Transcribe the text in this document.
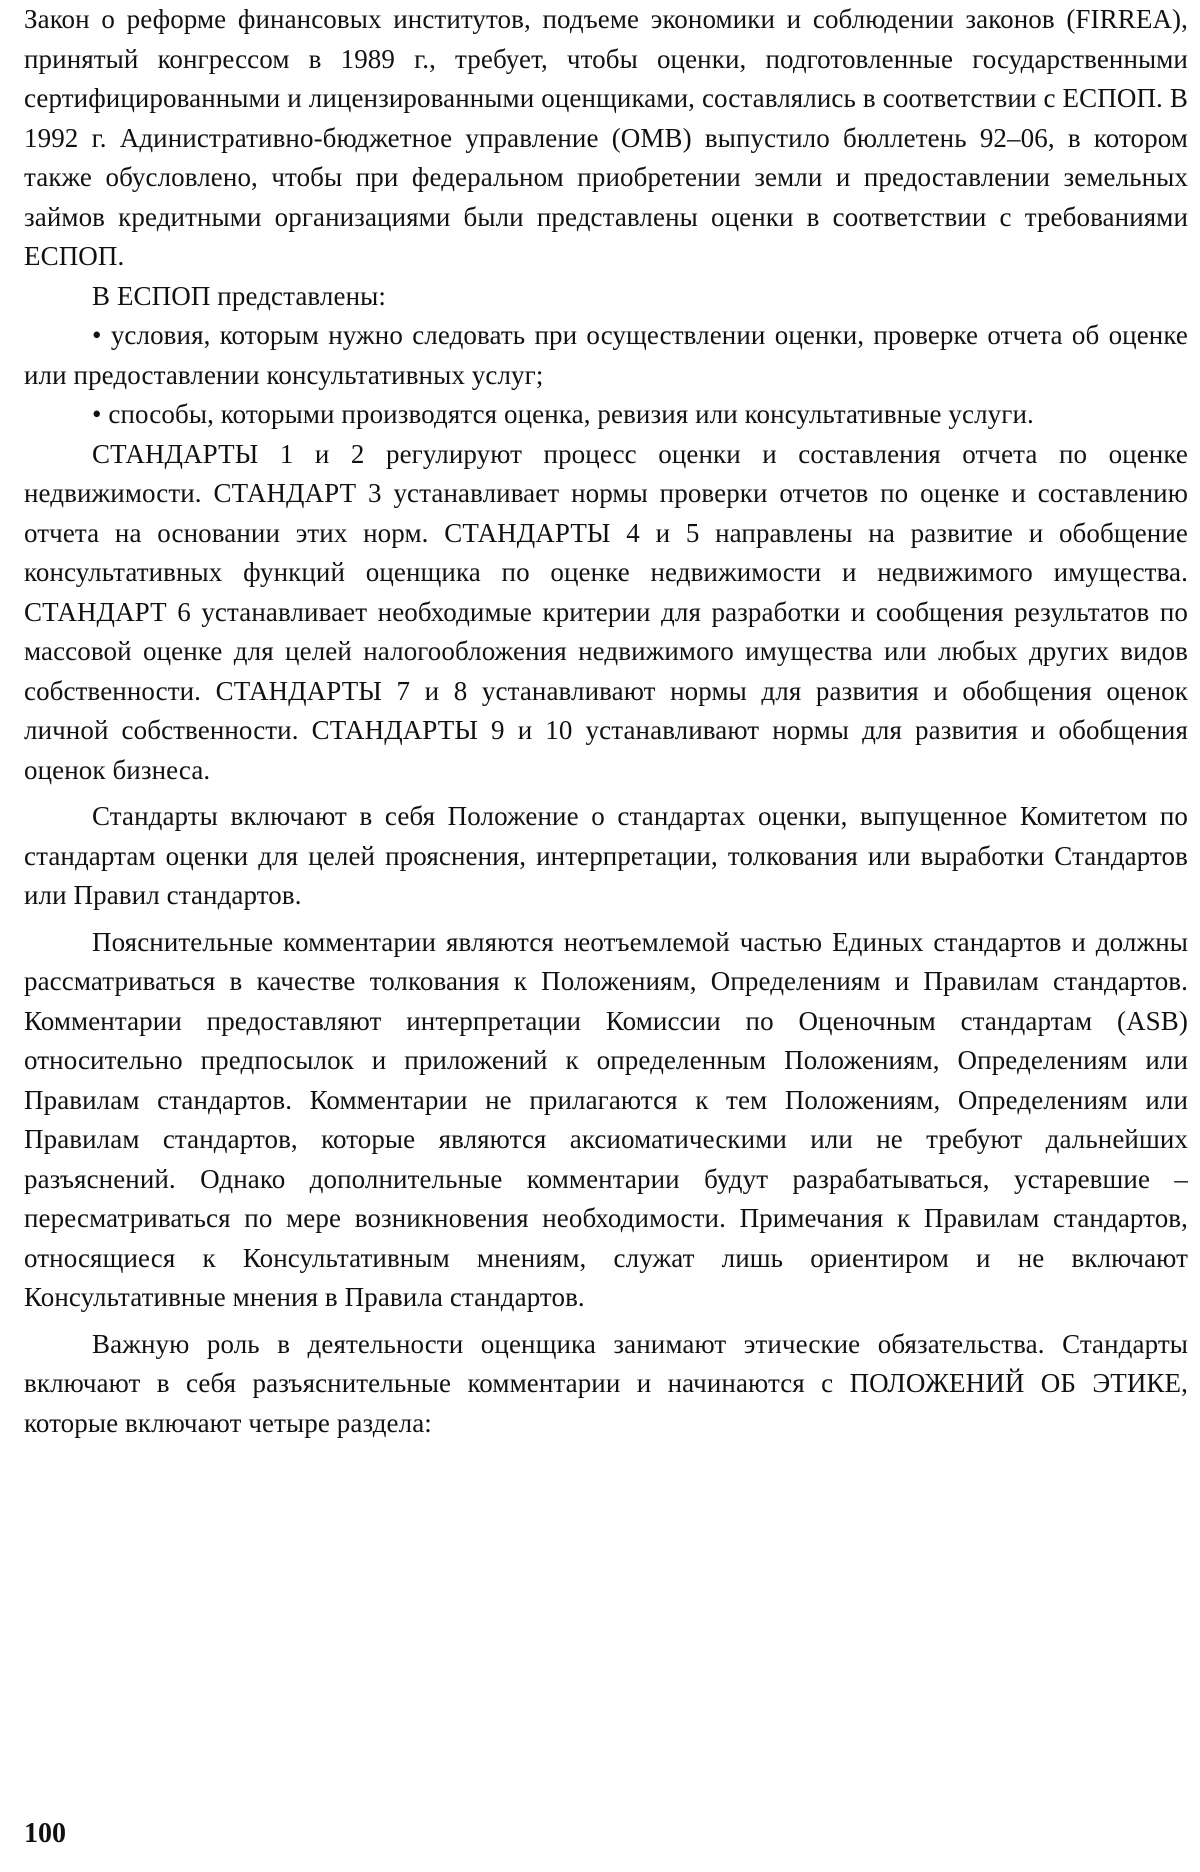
Закон о реформе финансовых институтов, подъеме экономики и соблюдении законов (FIRREA), принятый конгрессом в 1989 г., требует, чтобы оценки, подготовленные государственными сертифицированными и лицензированными оценщиками, составлялись в соответствии с ЕСПОП. В 1992 г. Адинистративно-бюджетное управление (ОМВ) выпустило бюллетень 92–06, в котором также обусловлено, чтобы при федеральном приобретении земли и предоставлении земельных займов кредитными организациями были представлены оценки в соответствии с требованиями ЕСПОП.

В ЕСПОП представлены:

• условия, которым нужно следовать при осуществлении оценки, проверке отчета об оценке или предоставлении консультативных услуг;

• способы, которыми производятся оценка, ревизия или консультативные услуги.

СТАНДАРТЫ 1 и 2 регулируют процесс оценки и составления отчета по оценке недвижимости. СТАНДАРТ 3 устанавливает нормы проверки отчетов по оценке и составлению отчета на основании этих норм. СТАНДАРТЫ 4 и 5 направлены на развитие и обобщение консультативных функций оценщика по оценке недвижимости и недвижимого имущества. СТАНДАРТ 6 устанавливает необходимые критерии для разработки и сообщения результатов по массовой оценке для целей налогообложения недвижимого имущества или любых других видов собственности. СТАНДАРТЫ 7 и 8 устанавливают нормы для развития и обобщения оценок личной собственности. СТАНДАРТЫ 9 и 10 устанавливают нормы для развития и обобщения оценок бизнеса.

Стандарты включают в себя Положение о стандартах оценки, выпущенное Комитетом по стандартам оценки для целей прояснения, интерпретации, толкования или выработки Стандартов или Правил стандартов.

Пояснительные комментарии являются неотъемлемой частью Единых стандартов и должны рассматриваться в качестве толкования к Положениям, Определениям и Правилам стандартов. Комментарии предоставляют интерпретации Комиссии по Оценочным стандартам (ASB) относительно предпосылок и приложений к определенным Положениям, Определениям или Правилам стандартов. Комментарии не прилагаются к тем Положениям, Определениям или Правилам стандартов, которые являются аксиоматическими или не требуют дальнейших разъяснений. Однако дополнительные комментарии будут разрабатываться, устаревшие – пересматриваться по мере возникновения необходимости. Примечания к Правилам стандартов, относящиеся к Консультативным мнениям, служат лишь ориентиром и не включают Консультативные мнения в Правила стандартов.

Важную роль в деятельности оценщика занимают этические обязательства. Стандарты включают в себя разъяснительные комментарии и начинаются с ПОЛОЖЕНИЙ ОБ ЭТИКЕ, которые включают четыре раздела:

100
